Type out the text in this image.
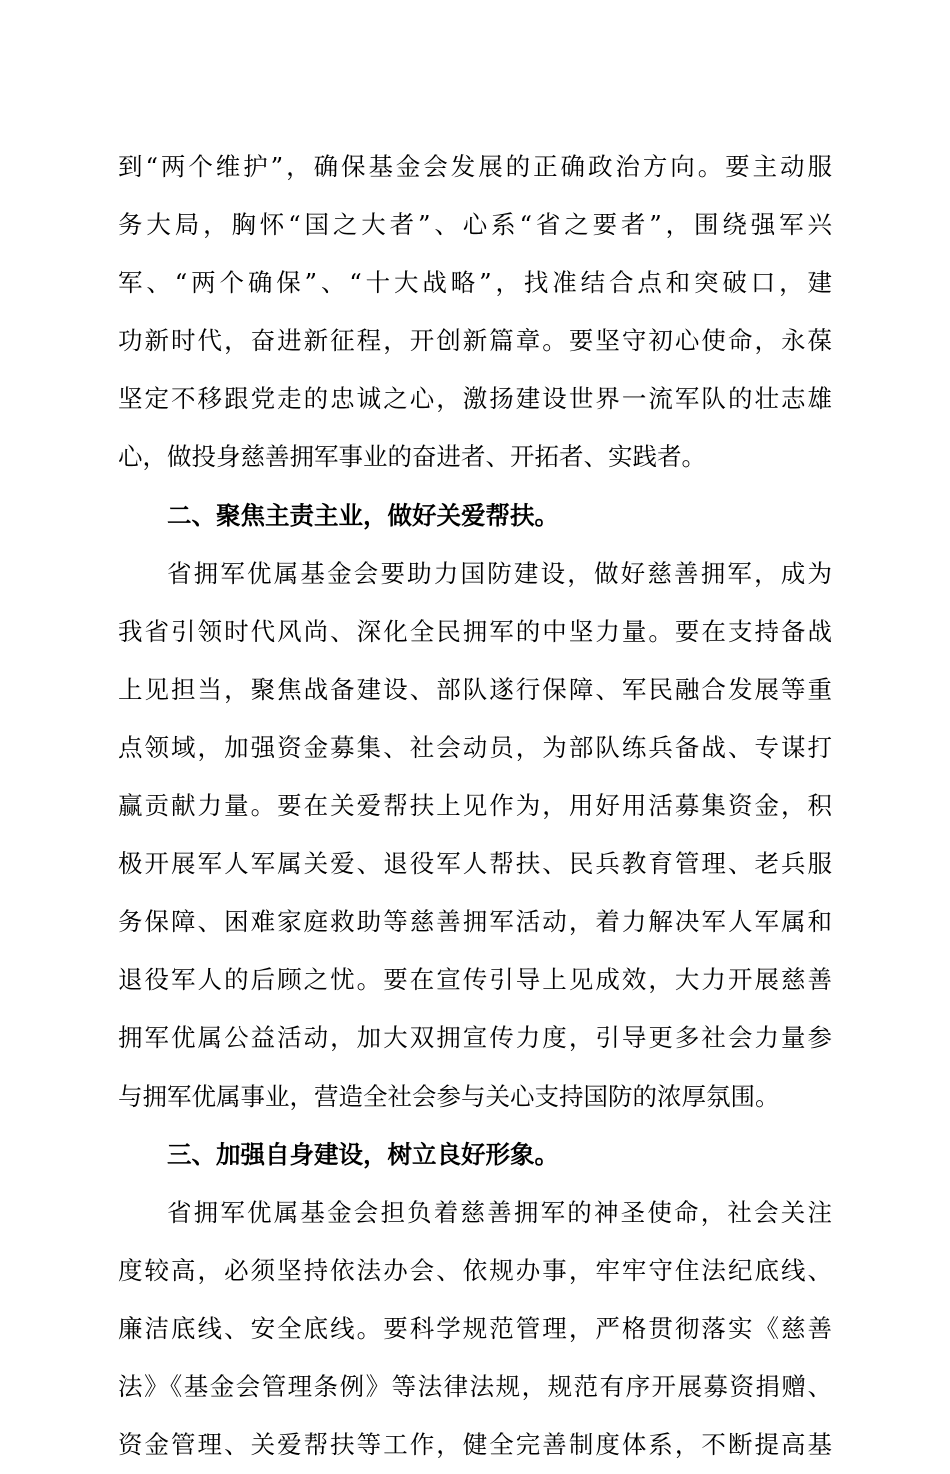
到“两个维护”，确保基金会发展的正确政治方向。要主动服
务大局，胸怀“国之大者”、心系“省之要者”，围绕强军兴
军、“两个确保”、“十大战略”，找准结合点和突破口，建
功新时代，奋进新征程，开创新篇章。要坚守初心使命，永葆
坚定不移跟党走的忠诚之心，激扬建设世界一流军队的壮志雄
心，做投身慈善拥军事业的奋进者、开拓者、实践者。
二、聚焦主责主业，做好关爱帮扶。
省拥军优属基金会要助力国防建设，做好慈善拥军，成为
我省引领时代风尚、深化全民拥军的中坚力量。要在支持备战
上见担当，聚焦战备建设、部队遂行保障、军民融合发展等重
点领域，加强资金募集、社会动员，为部队练兵备战、专谋打
赢贡献力量。要在关爱帮扶上见作为，用好用活募集资金，积
极开展军人军属关爱、退役军人帮扶、民兵教育管理、老兵服
务保障、困难家庭救助等慈善拥军活动，着力解决军人军属和
退役军人的后顾之忧。要在宣传引导上见成效，大力开展慈善
拥军优属公益活动，加大双拥宣传力度，引导更多社会力量参
与拥军优属事业，营造全社会参与关心支持国防的浓厚氛围。
三、加强自身建设，树立良好形象。
省拥军优属基金会担负着慈善拥军的神圣使命，社会关注
度较高，必须坚持依法办会、依规办事，牢牢守住法纪底线、
廉洁底线、安全底线。要科学规范管理，严格贯彻落实《慈善
法》《基金会管理条例》等法律法规，规范有序开展募资捐赠、
资金管理、关爱帮扶等工作，健全完善制度体系，不断提高基
